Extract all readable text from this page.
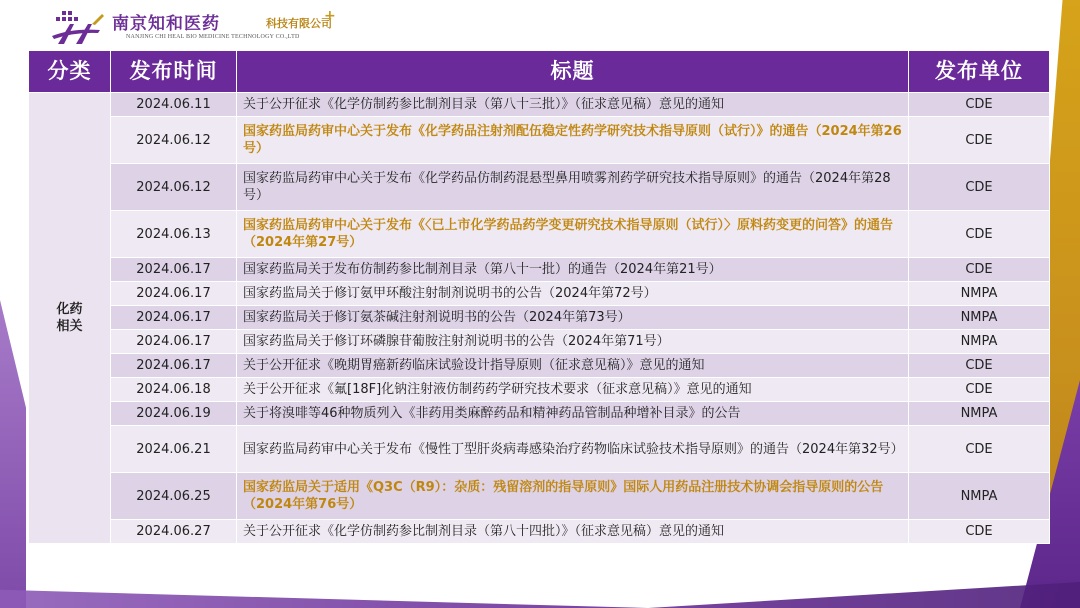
南京知和医药	科技有限公司
+
NANJING CHI HEAL BIO MEDICINE TECHNOLOGY CO.,LTD
分类	发布时间	标题	发布单位

化药
相关	2024.06.11	关于公开征求《化学仿制药参比制剂目录（第八十三批）》（征求意见稿）意见的通知	CDE
	2024.06.12	国家药监局药审中心关于发布《化学药品注射剂配伍稳定性药学研究技术指导原则（试行）》的通告（2024年第26号）	CDE
	2024.06.12	国家药监局药审中心关于发布《化学药品仿制药混悬型鼻用喷雾剂药学研究技术指导原则》的通告（2024年第28号）	CDE
	2024.06.13	国家药监局药审中心关于发布《〈已上市化学药品药学变更研究技术指导原则（试行）〉原料药变更的问答》的通告（2024年第27号）	CDE
	2024.06.17	国家药监局关于发布仿制药参比制剂目录（第八十一批）的通告（2024年第21号）	CDE
	2024.06.17	国家药监局关于修订氨甲环酸注射制剂说明书的公告（2024年第72号）	NMPA
	2024.06.17	国家药监局关于修订氨茶碱注射剂说明书的公告（2024年第73号）	NMPA
	2024.06.17	国家药监局关于修订环磷腺苷葡胺注射剂说明书的公告（2024年第71号）	NMPA
	2024.06.17	关于公开征求《晚期胃癌新药临床试验设计指导原则（征求意见稿）》意见的通知	CDE
	2024.06.18	关于公开征求《氟[18F]化钠注射液仿制药药学研究技术要求（征求意见稿）》意见的通知	CDE
	2024.06.19	关于将溴啡等46种物质列入《非药用类麻醉药品和精神药品管制品种增补目录》的公告	NMPA
	2024.06.21	国家药监局药审中心关于发布《慢性丁型肝炎病毒感染治疗药物临床试验技术指导原则》的通告（2024年第32号）	CDE
	2024.06.25	国家药监局关于适用《Q3C（R9）：杂质：残留溶剂的指导原则》国际人用药品注册技术协调会指导原则的公告（2024年第76号）	NMPA
	2024.06.27	关于公开征求《化学仿制药参比制剂目录（第八十四批）》（征求意见稿）意见的通知	CDE
